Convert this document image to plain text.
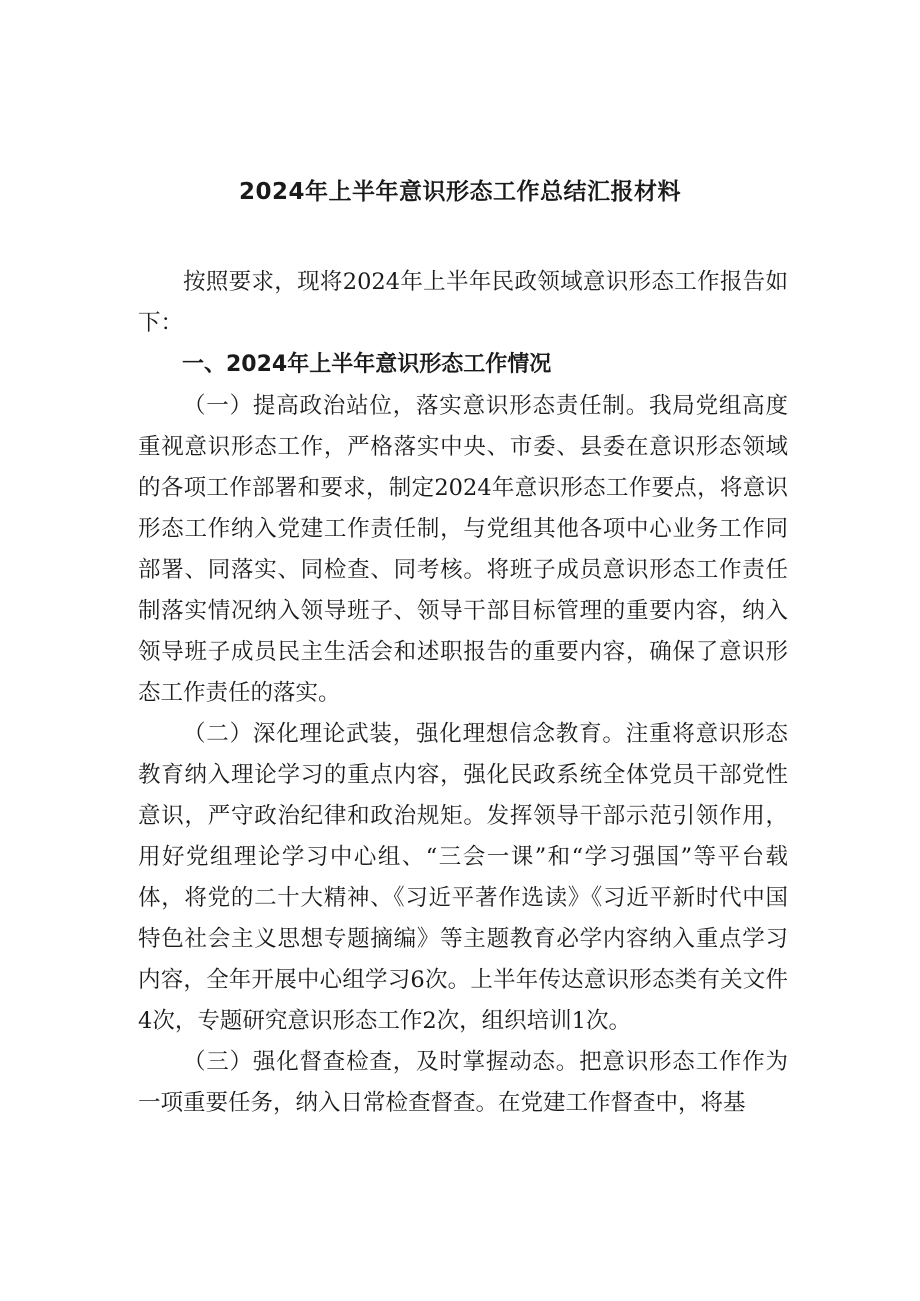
2024年上半年意识形态工作总结汇报材料

按照要求，现将2024年上半年民政领域意识形态工作报告如下：

一、2024年上半年意识形态工作情况

（一）提高政治站位，落实意识形态责任制。我局党组高度重视意识形态工作，严格落实中央、市委、县委在意识形态领域的各项工作部署和要求，制定2024年意识形态工作要点，将意识形态工作纳入党建工作责任制，与党组其他各项中心业务工作同部署、同落实、同检查、同考核。将班子成员意识形态工作责任制落实情况纳入领导班子、领导干部目标管理的重要内容，纳入领导班子成员民主生活会和述职报告的重要内容，确保了意识形态工作责任的落实。

（二）深化理论武装，强化理想信念教育。注重将意识形态教育纳入理论学习的重点内容，强化民政系统全体党员干部党性意识，严守政治纪律和政治规矩。发挥领导干部示范引领作用，用好党组理论学习中心组、“三会一课”和“学习强国”等平台载体，将党的二十大精神、《习近平著作选读》《习近平新时代中国特色社会主义思想专题摘编》等主题教育必学内容纳入重点学习内容，全年开展中心组学习6次。上半年传达意识形态类有关文件4次，专题研究意识形态工作2次，组织培训1次。

（三）强化督查检查，及时掌握动态。把意识形态工作作为一项重要任务，纳入日常检查督查。在党建工作督查中，将基
